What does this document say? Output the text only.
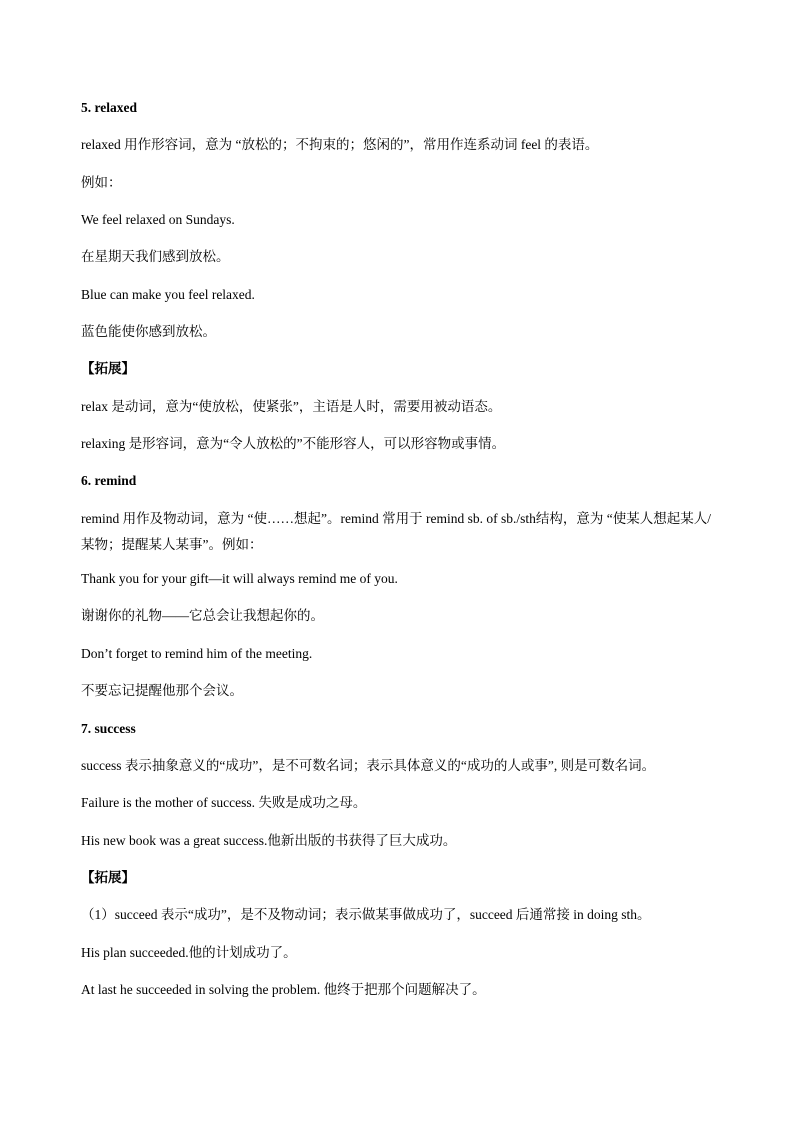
5. relaxed
relaxed 用作形容词，意为 “放松的；不拘束的；悠闲的”，常用作连系动词 feel 的表语。
例如：
We feel relaxed on Sundays.
在星期天我们感到放松。
Blue can make you feel relaxed.
蓝色能使你感到放松。
【拓展】
relax 是动词，意为“使放松，使紧张”，主语是人时，需要用被动语态。
relaxing 是形容词，意为“令人放松的”不能形容人，可以形容物或事情。
6. remind
remind 用作及物动词，意为 “使……想起”。remind 常用于 remind sb. of sb./sth结构，意为 “使某人想起某人/某物；提醒某人某事”。例如：
Thank you for your gift—it will always remind me of you.
谢谢你的礼物——它总会让我想起你的。
Don’t forget to remind him of the meeting.
不要忘记提醒他那个会议。
7. success
success 表示抽象意义的“成功”，是不可数名词；表示具体意义的“成功的人或事”, 则是可数名词。
Failure is the mother of success. 失败是成功之母。
His new book was a great success.他新出版的书获得了巨大成功。
【拓展】
（1）succeed 表示“成功”，是不及物动词；表示做某事做成功了，succeed 后通常接 in doing sth。
His plan succeeded.他的计划成功了。
At last he succeeded in solving the problem. 他终于把那个问题解决了。
